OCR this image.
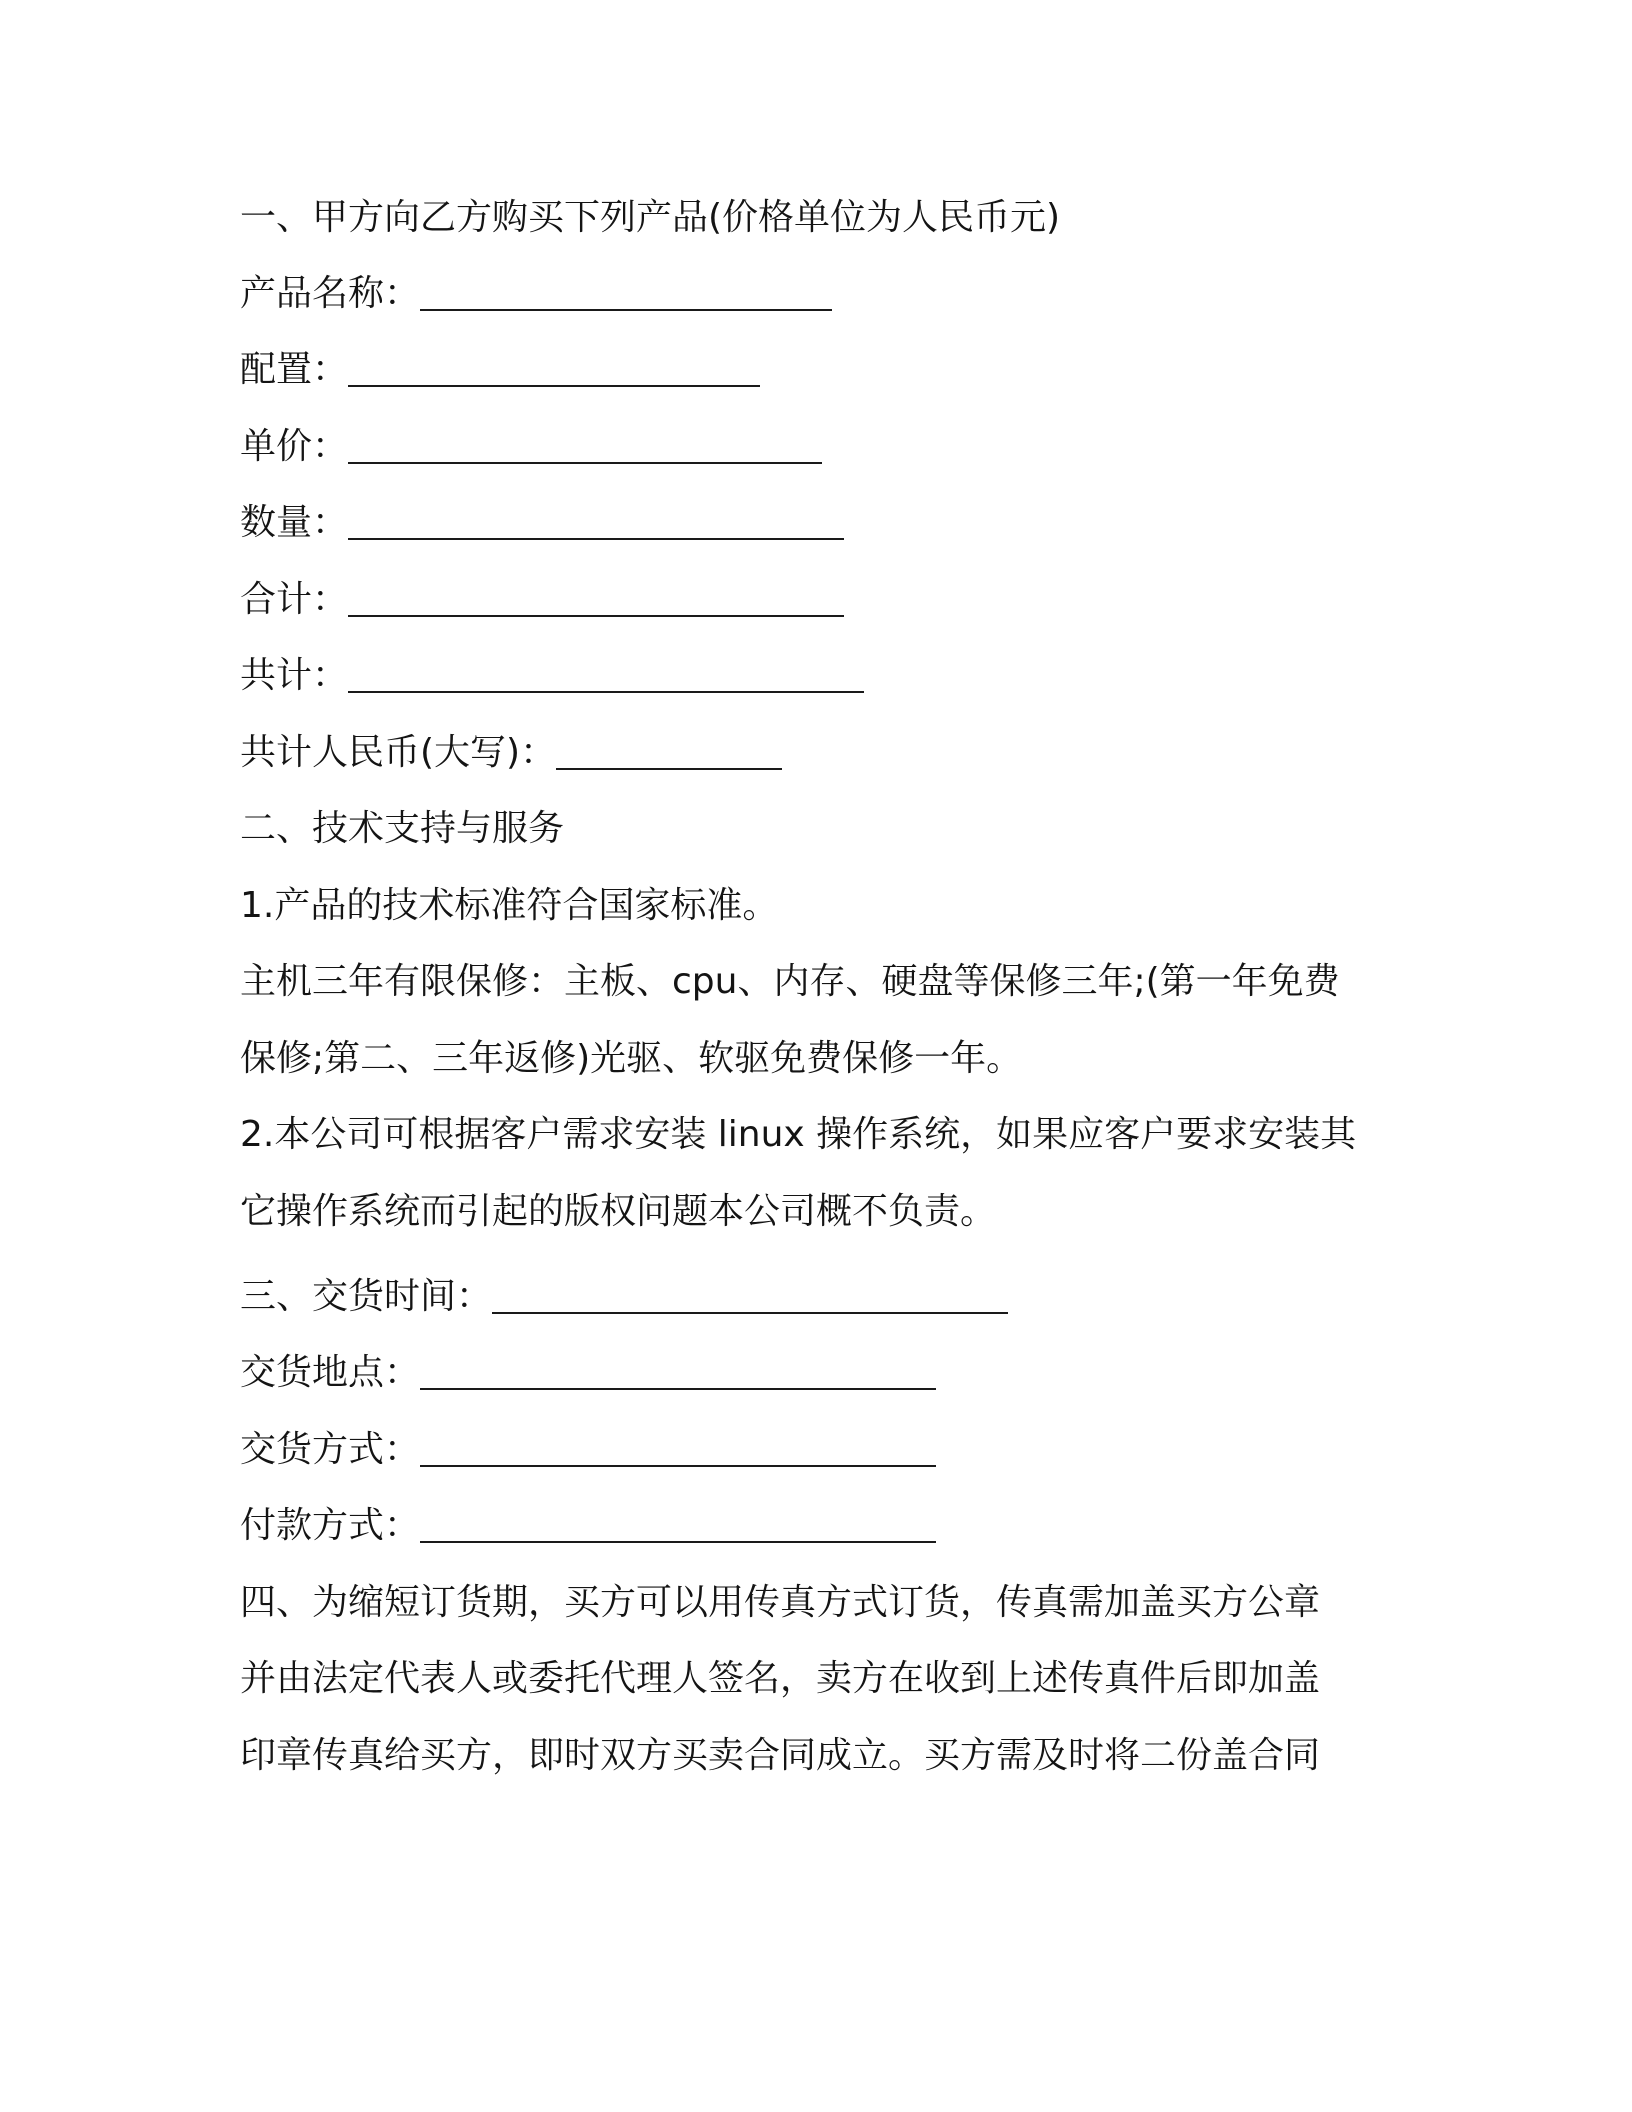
一、甲方向乙方购买下列产品(价格单位为人民币元)

产品名称：

配置：

单价：

数量：

合计：

共计：

共计人民币(大写)：

二、技术支持与服务

1.产品的技术标准符合国家标准。

主机三年有限保修：主板、cpu、内存、硬盘等保修三年;(第一年免费

保修;第二、三年返修)光驱、软驱免费保修一年。

2.本公司可根据客户需求安装 linux 操作系统，如果应客户要求安装其

它操作系统而引起的版权问题本公司概不负责。

三、交货时间：

交货地点：

交货方式：

付款方式：

四、为缩短订货期，买方可以用传真方式订货，传真需加盖买方公章

并由法定代表人或委托代理人签名，卖方在收到上述传真件后即加盖

印章传真给买方，即时双方买卖合同成立。买方需及时将二份盖合同
